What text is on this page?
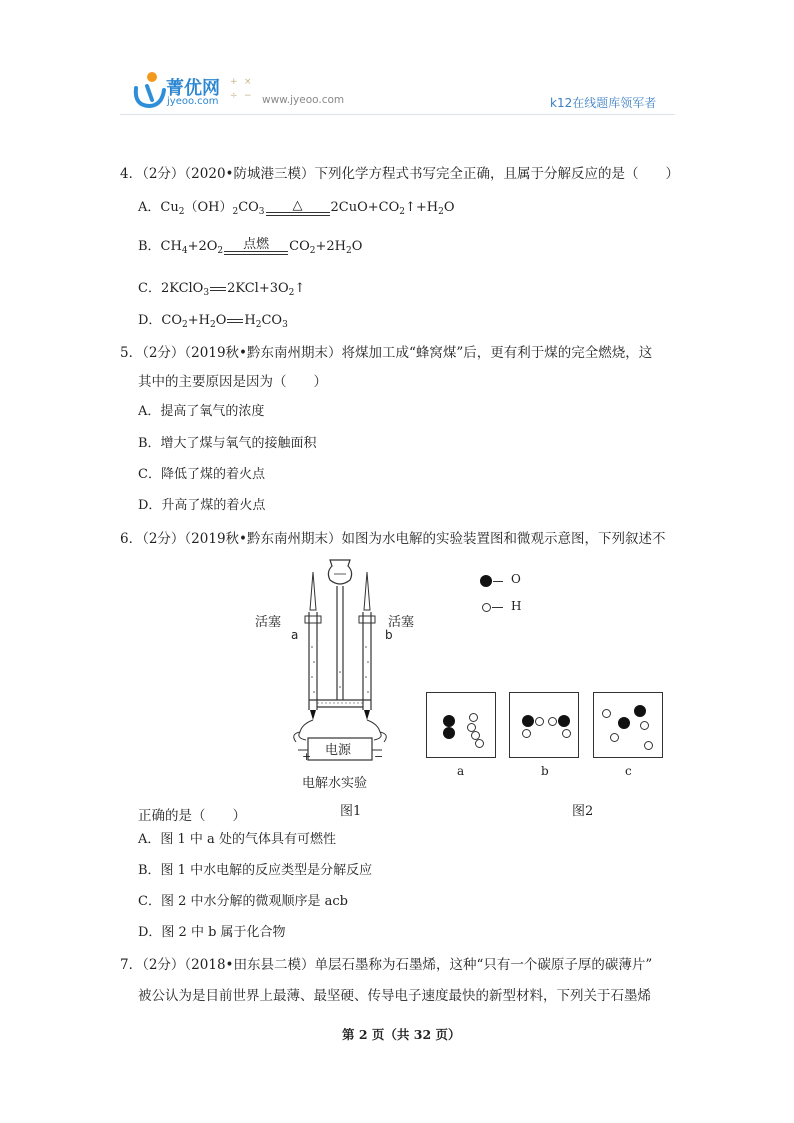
菁优网
jyeoo.com
+ ×
÷ − www.jyeoo.com	k12在线题库领军者
4．（2分）（2020•防城港三模）下列化学方程式书写完全正确，且属于分解反应的是（　　）
A．$Cu_2(OH)_2CO_3$ △ $2CuO+CO_2↑+H_2O$
B．$CH_4+2O_2$ 点燃 $CO_2+2H_2O$
C．2KClO$_3$ $2KCl+3O_2↑$
D．$CO_2+H_2O$ $H_2CO_3$
5．（2分）（2019秋•黔东南州期末）将煤加工成“蜂窝煤”后，更有利于煤的完全燃烧，这
其中的主要原因是因为（　　）
A．提高了氧气的浓度
B．增大了煤与氧气的接触面积
C．降低了煤的着火点
D．升高了煤的着火点
6．（2分）（2019秋•黔东南州期末）如图为水电解的实验装置图和微观示意图，下列叙述不
活塞	活塞
a	b
电源
+	−
电解水实验
图1
O
H
a	b	c
图2
正确的是（　　）
A．图 1 中 a 处的气体具有可燃性
B．图 1 中水电解的反应类型是分解反应
C．图 2 中水分解的微观顺序是 acb
D．图 2 中 b 属于化合物
7．（2分）（2018•田东县二模）单层石墨称为石墨烯，这种“只有一个碳原子厚的碳薄片”
被公认为是目前世界上最薄、最坚硬、传导电子速度最快的新型材料，下列关于石墨烯
第 2 页（共 32 页）
